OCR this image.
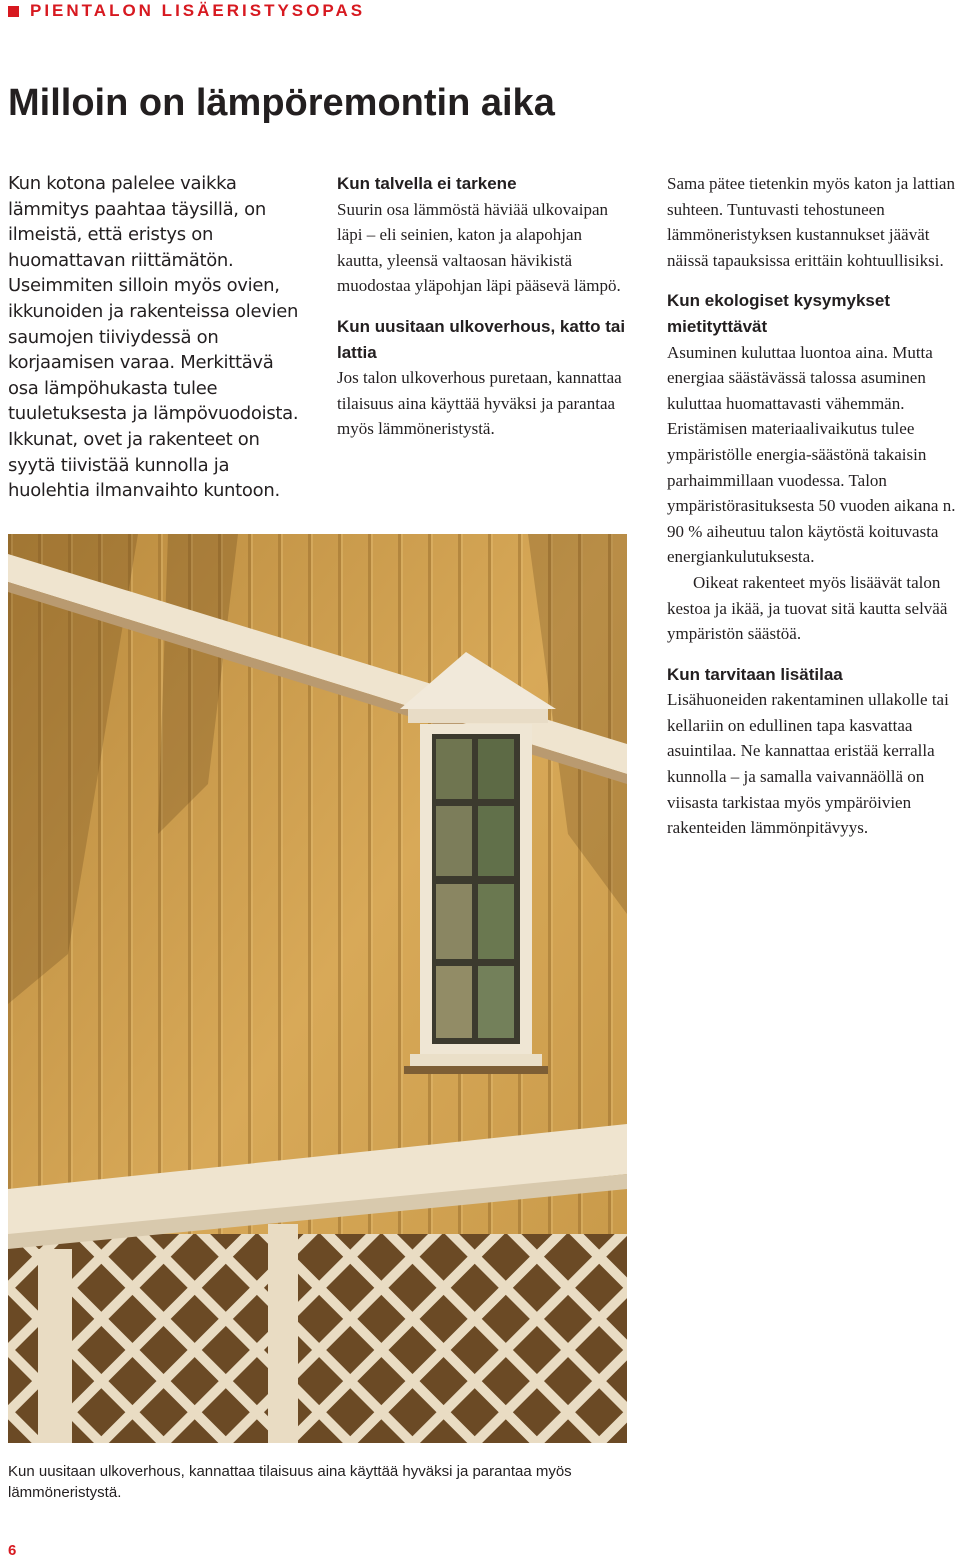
PIENTALON LISÄERISTYSOPAS
Milloin on lämpöremontin aika

Kun kotona palelee vaikka lämmitys paahtaa täysillä, on ilmeistä, että eristys on huomattavan riittämätön. Useimmiten silloin myös ovien, ikkunoiden ja rakenteissa olevien saumojen tiiviydessä on korjaamisen varaa. Merkittävä osa lämpöhukasta tulee tuuletuksesta ja lämpövuodoista. Ikkunat, ovet ja rakenteet on syytä tiivistää kunnolla ja huolehtia ilmanvaihto kuntoon.

Kun talvella ei tarkene

Suurin osa lämmöstä häviää ulkovaipan läpi – eli seinien, katon ja alapohjan kautta, yleensä valtaosan hävikistä muodostaa yläpohjan läpi pääsevä lämpö.

Kun uusitaan ulkoverhous, katto tai lattia

Jos talon ulkoverhous puretaan, kannattaa tilaisuus aina käyttää hyväksi ja parantaa myös lämmöneristystä.

Sama pätee tietenkin myös katon ja lattian suhteen. Tuntuvasti tehostuneen lämmöneristyksen kustannukset jäävät näissä tapauksissa erittäin kohtuullisiksi.

Kun ekologiset kysymykset mietityttävät

Asuminen kuluttaa luontoa aina. Mutta energiaa säästävässä talossa asuminen kuluttaa huomattavasti vähemmän. Eristämisen materiaalivaikutus tulee ympäristölle energia-säästönä takaisin parhaimmillaan vuodessa. Talon ympäristörasituksesta 50 vuoden aikana n. 90 % aiheutuu talon käytöstä koituvasta energiankulutuksesta.

Oikeat rakenteet myös lisäävät talon kestoa ja ikää, ja tuovat sitä kautta selvää ympäristön säästöä.

Kun tarvitaan lisätilaa

Lisähuoneiden rakentaminen ullakolle tai kellariin on edullinen tapa kasvattaa asuintilaa. Ne kannattaa eristää kerralla kunnolla – ja samalla vaivannäöllä on viisasta tarkistaa myös ympäröivien rakenteiden lämmönpitävyys.

Kun uusitaan ulkoverhous, kannattaa tilaisuus aina käyttää hyväksi ja parantaa myös lämmöneristystä.

6
